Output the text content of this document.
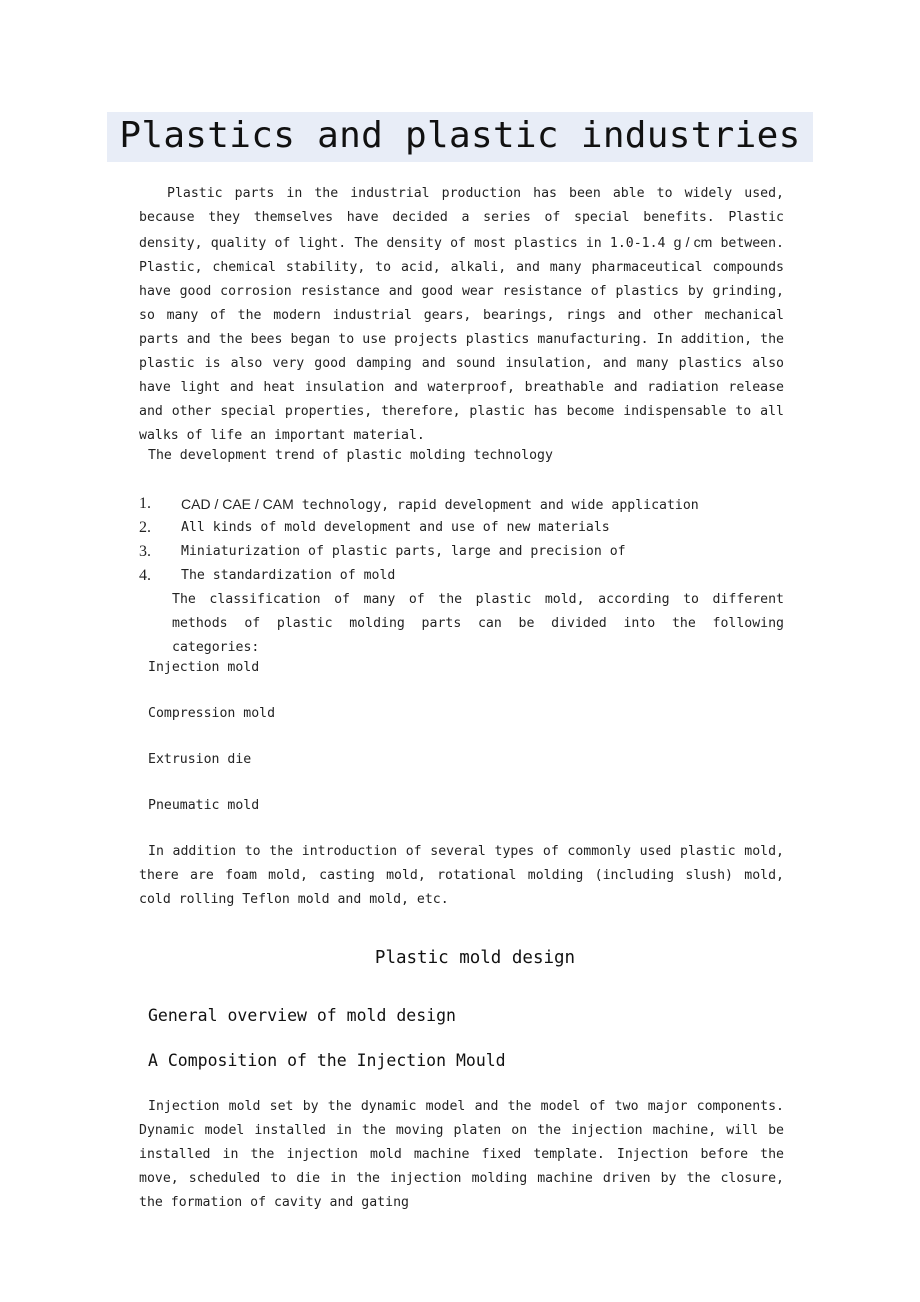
Plastics and plastic industries
Plastic parts in the industrial production has been able to widely used, because they themselves have decided a series of special benefits. Plastic density, quality of light. The density of most plastics in 1.0-1.4 g / cm between. Plastic, chemical stability, to acid, alkali, and many pharmaceutical compounds have good corrosion resistance and good wear resistance of plastics by grinding, so many of the modern industrial gears, bearings, rings and other mechanical parts and the bees began to use projects plastics manufacturing. In addition, the plastic is also very good damping and sound insulation, and many plastics also have light and heat insulation and waterproof, breathable and radiation release and other special properties, therefore, plastic has become indispensable to all walks of life an important material.
The development trend of plastic molding technology
1. CAD / CAE / CAM technology, rapid development and wide application
2. All kinds of mold development and use of new materials
3. Miniaturization of plastic parts, large and precision of
4. The standardization of mold
The classification of many of the plastic mold, according to different methods of plastic molding parts can be divided into the following categories:
Injection mold
Compression mold
Extrusion die
Pneumatic mold
In addition to the introduction of several types of commonly used plastic mold, there are foam mold, casting mold, rotational molding (including slush) mold, cold rolling Teflon mold and mold, etc.
Plastic mold design
General overview of mold design
A Composition of the Injection Mould
Injection mold set by the dynamic model and the model of two major components. Dynamic model installed in the moving platen on the injection machine, will be installed in the injection mold machine fixed template. Injection before the move, scheduled to die in the injection molding machine driven by the closure, the formation of cavity and gating
